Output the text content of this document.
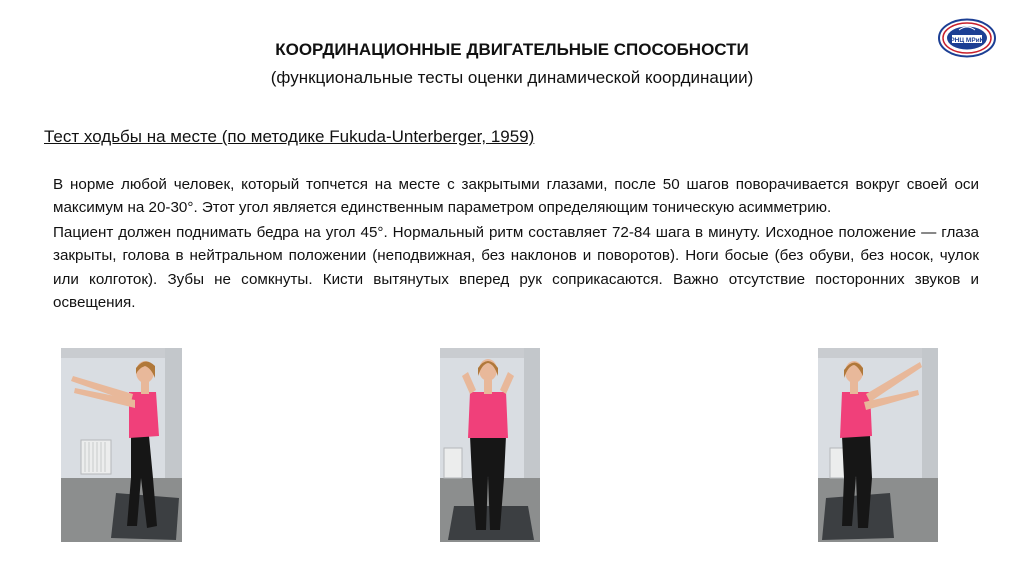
КООРДИНАЦИОННЫЕ ДВИГАТЕЛЬНЫЕ СПОСОБНОСТИ
(функциональные тесты оценки динамической координации)
РНЦ МРиК
Тест ходьбы на месте (по методике Fukuda-Unterberger, 1959)

В норме любой человек, который топчется на месте с закрытыми глазами, после 50 шагов поворачивается вокруг своей оси максимум на 20-30°. Этот угол является единственным параметром определяющим тоническую асимметрию.

Пациент должен поднимать бедра на угол 45°. Нормальный ритм составляет 72-84 шага в минуту. Исходное положение — глаза закрыты, голова в нейтральном положении (неподвижная, без наклонов и поворотов). Ноги босые (без обуви, без носок, чулок или колготок). Зубы не сомкнуты. Кисти вытянутых вперед рук соприкасаются. Важно отсутствие посторонних звуков и освещения.
